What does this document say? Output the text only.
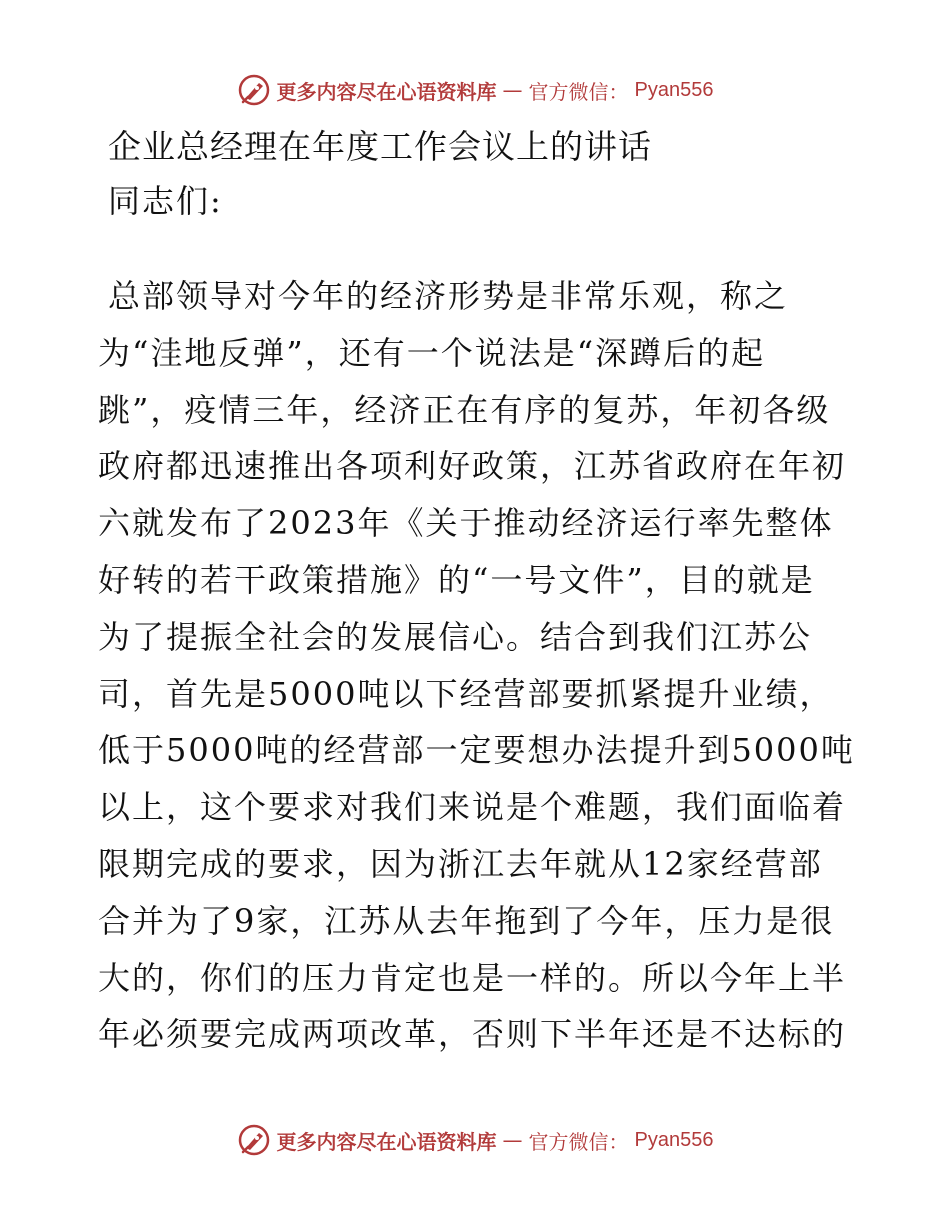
更多内容尽在心语资料库 — 官方微信： Pyan556
企业总经理在年度工作会议上的讲话
同志们:
总部领导对今年的经济形势是非常乐观，称之
为“洼地反弹”，还有一个说法是“深蹲后的起
跳”，疫情三年，经济正在有序的复苏，年初各级
政府都迅速推出各项利好政策，江苏省政府在年初
六就发布了2023年《关于推动经济运行率先整体
好转的若干政策措施》的“一号文件”，目的就是
为了提振全社会的发展信心。结合到我们江苏公
司，首先是5000吨以下经营部要抓紧提升业绩，
低于5000吨的经营部一定要想办法提升到5000吨
以上，这个要求对我们来说是个难题，我们面临着
限期完成的要求，因为浙江去年就从12家经营部
合并为了9家，江苏从去年拖到了今年，压力是很
大的，你们的压力肯定也是一样的。所以今年上半
年必须要完成两项改革，否则下半年还是不达标的
更多内容尽在心语资料库 — 官方微信： Pyan556
